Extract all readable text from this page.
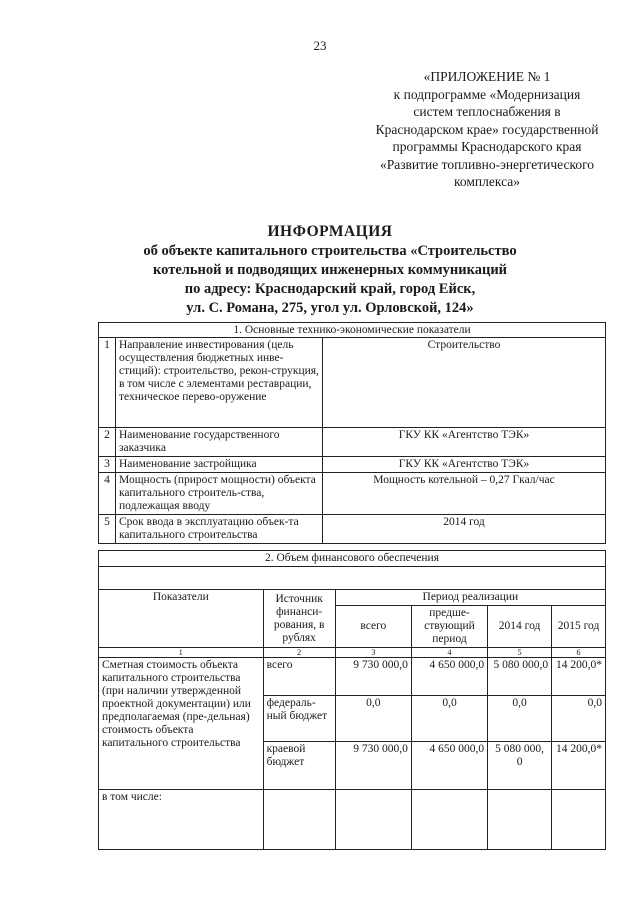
23
«ПРИЛОЖЕНИЕ № 1
к подпрограмме «Модернизация
систем теплоснабжения в
Краснодарском крае» государственной
программы Краснодарского края
«Развитие топливно-энергетического
комплекса»
ИНФОРМАЦИЯ
об объекте капитального строительства «Строительство
котельной и подводящих инженерных коммуникаций
по адресу: Краснодарский край, город Ейск,
ул. С. Романа, 275, угол ул. Орловской, 124»
1. Основные технико-экономические показатели		
1	Направление инвестирования (цель осуществления бюджетных инве-стиций): строительство, рекон-струкция, в том числе с элементами реставрации, техническое перево-оружение	Строительство
2	Наименование государственного заказчика	ГКУ КК «Агентство ТЭК»
3	Наименование застройщика	ГКУ КК «Агентство ТЭК»
4	Мощность (прирост мощности) объекта капитального строитель-ства, подлежащая вводу	Мощность котельной – 0,27 Гкал/час
5	Срок ввода в эксплуатацию объек-та капитального строительства	2014 год
2. Объем финансового обеспечения					

Показатели	Источник финанси-рования, в рублях	Период реализации			
		всего	предше-ствующий период	2014 год	2015 год
1	2	3	4	5	6
Сметная стоимость объекта капитального строительства (при наличии утвержденной проектной документации) или предполагаемая (пре-дельная) стоимость объекта капитального строительства	всего	9 730 000,0	4 650 000,0	5 080 000,0	14 200,0*
	федераль-ный бюджет	0,0	0,0	0,0	0,0
	краевой бюджет	9 730 000,0	4 650 000,0	5 080 000, 0	14 200,0*
в том числе:					
